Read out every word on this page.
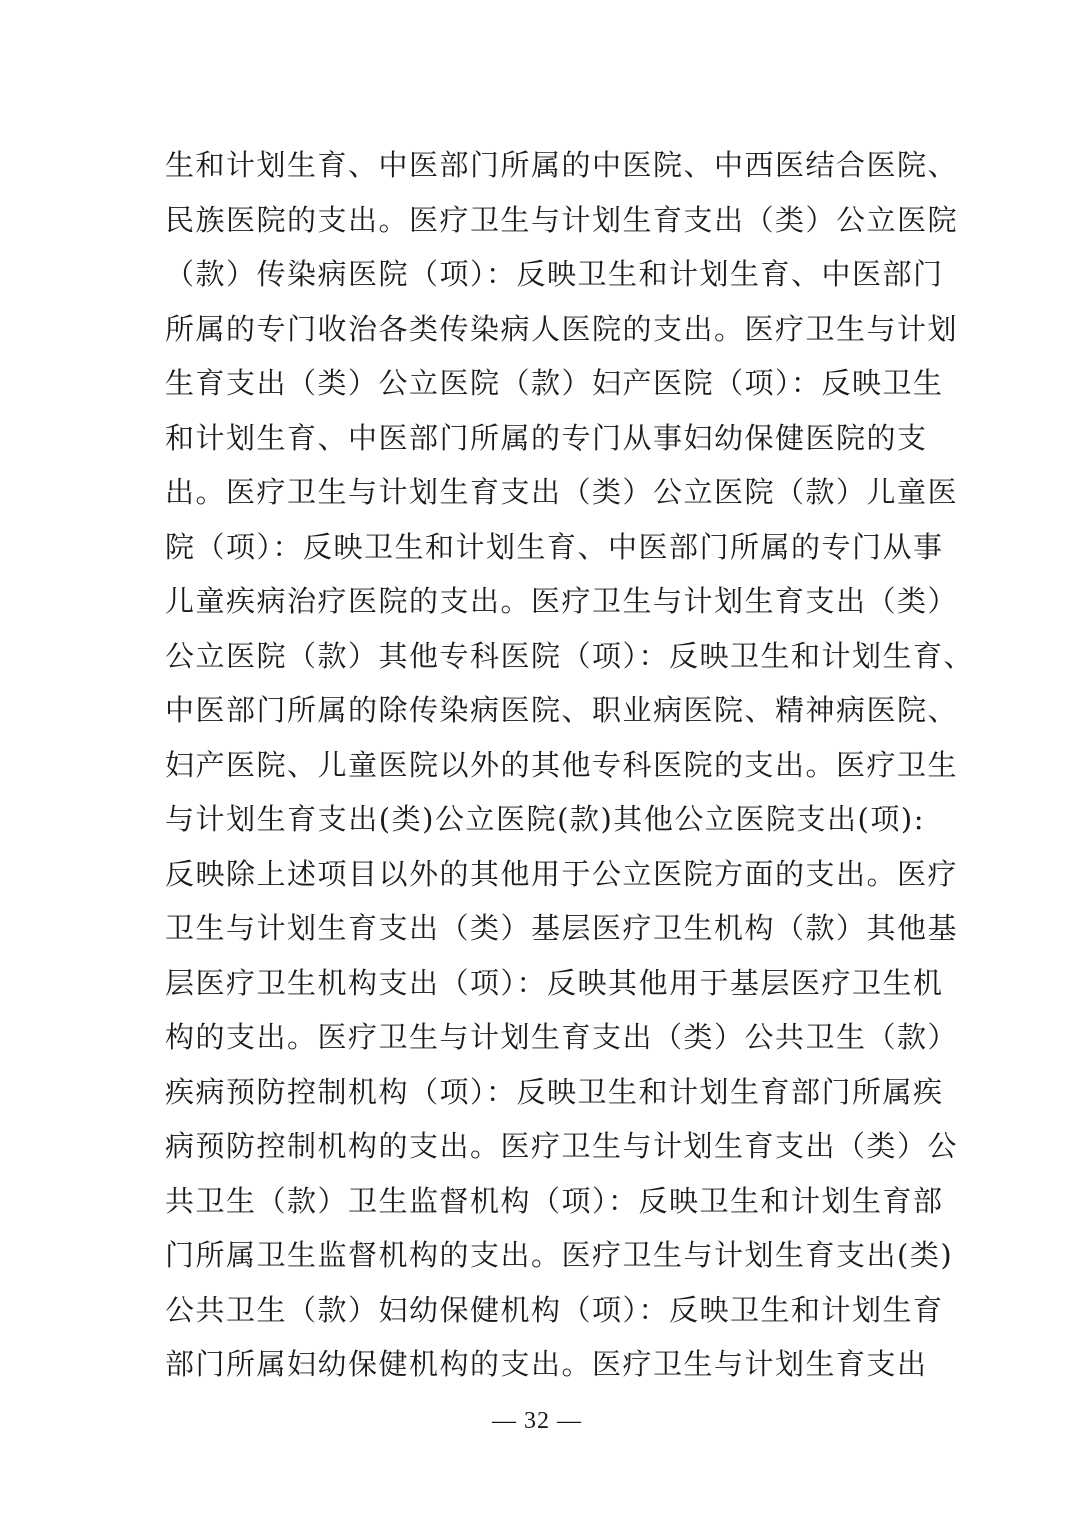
生和计划生育、中医部门所属的中医院、中西医结合医院、
民族医院的支出。医疗卫生与计划生育支出（类）公立医院
（款）传染病医院（项）：反映卫生和计划生育、中医部门
所属的专门收治各类传染病人医院的支出。医疗卫生与计划
生育支出（类）公立医院（款）妇产医院（项）：反映卫生
和计划生育、中医部门所属的专门从事妇幼保健医院的支
出。医疗卫生与计划生育支出（类）公立医院（款）儿童医
院（项）：反映卫生和计划生育、中医部门所属的专门从事
儿童疾病治疗医院的支出。医疗卫生与计划生育支出（类）
公立医院（款）其他专科医院（项）：反映卫生和计划生育、
中医部门所属的除传染病医院、职业病医院、精神病医院、
妇产医院、儿童医院以外的其他专科医院的支出。医疗卫生
与计划生育支出(类)公立医院(款)其他公立医院支出(项):
反映除上述项目以外的其他用于公立医院方面的支出。医疗
卫生与计划生育支出（类）基层医疗卫生机构（款）其他基
层医疗卫生机构支出（项）：反映其他用于基层医疗卫生机
构的支出。医疗卫生与计划生育支出（类）公共卫生（款）
疾病预防控制机构（项）：反映卫生和计划生育部门所属疾
病预防控制机构的支出。医疗卫生与计划生育支出（类）公
共卫生（款）卫生监督机构（项）：反映卫生和计划生育部
门所属卫生监督机构的支出。医疗卫生与计划生育支出(类)
公共卫生（款）妇幼保健机构（项）：反映卫生和计划生育
部门所属妇幼保健机构的支出。医疗卫生与计划生育支出
— 32 —
